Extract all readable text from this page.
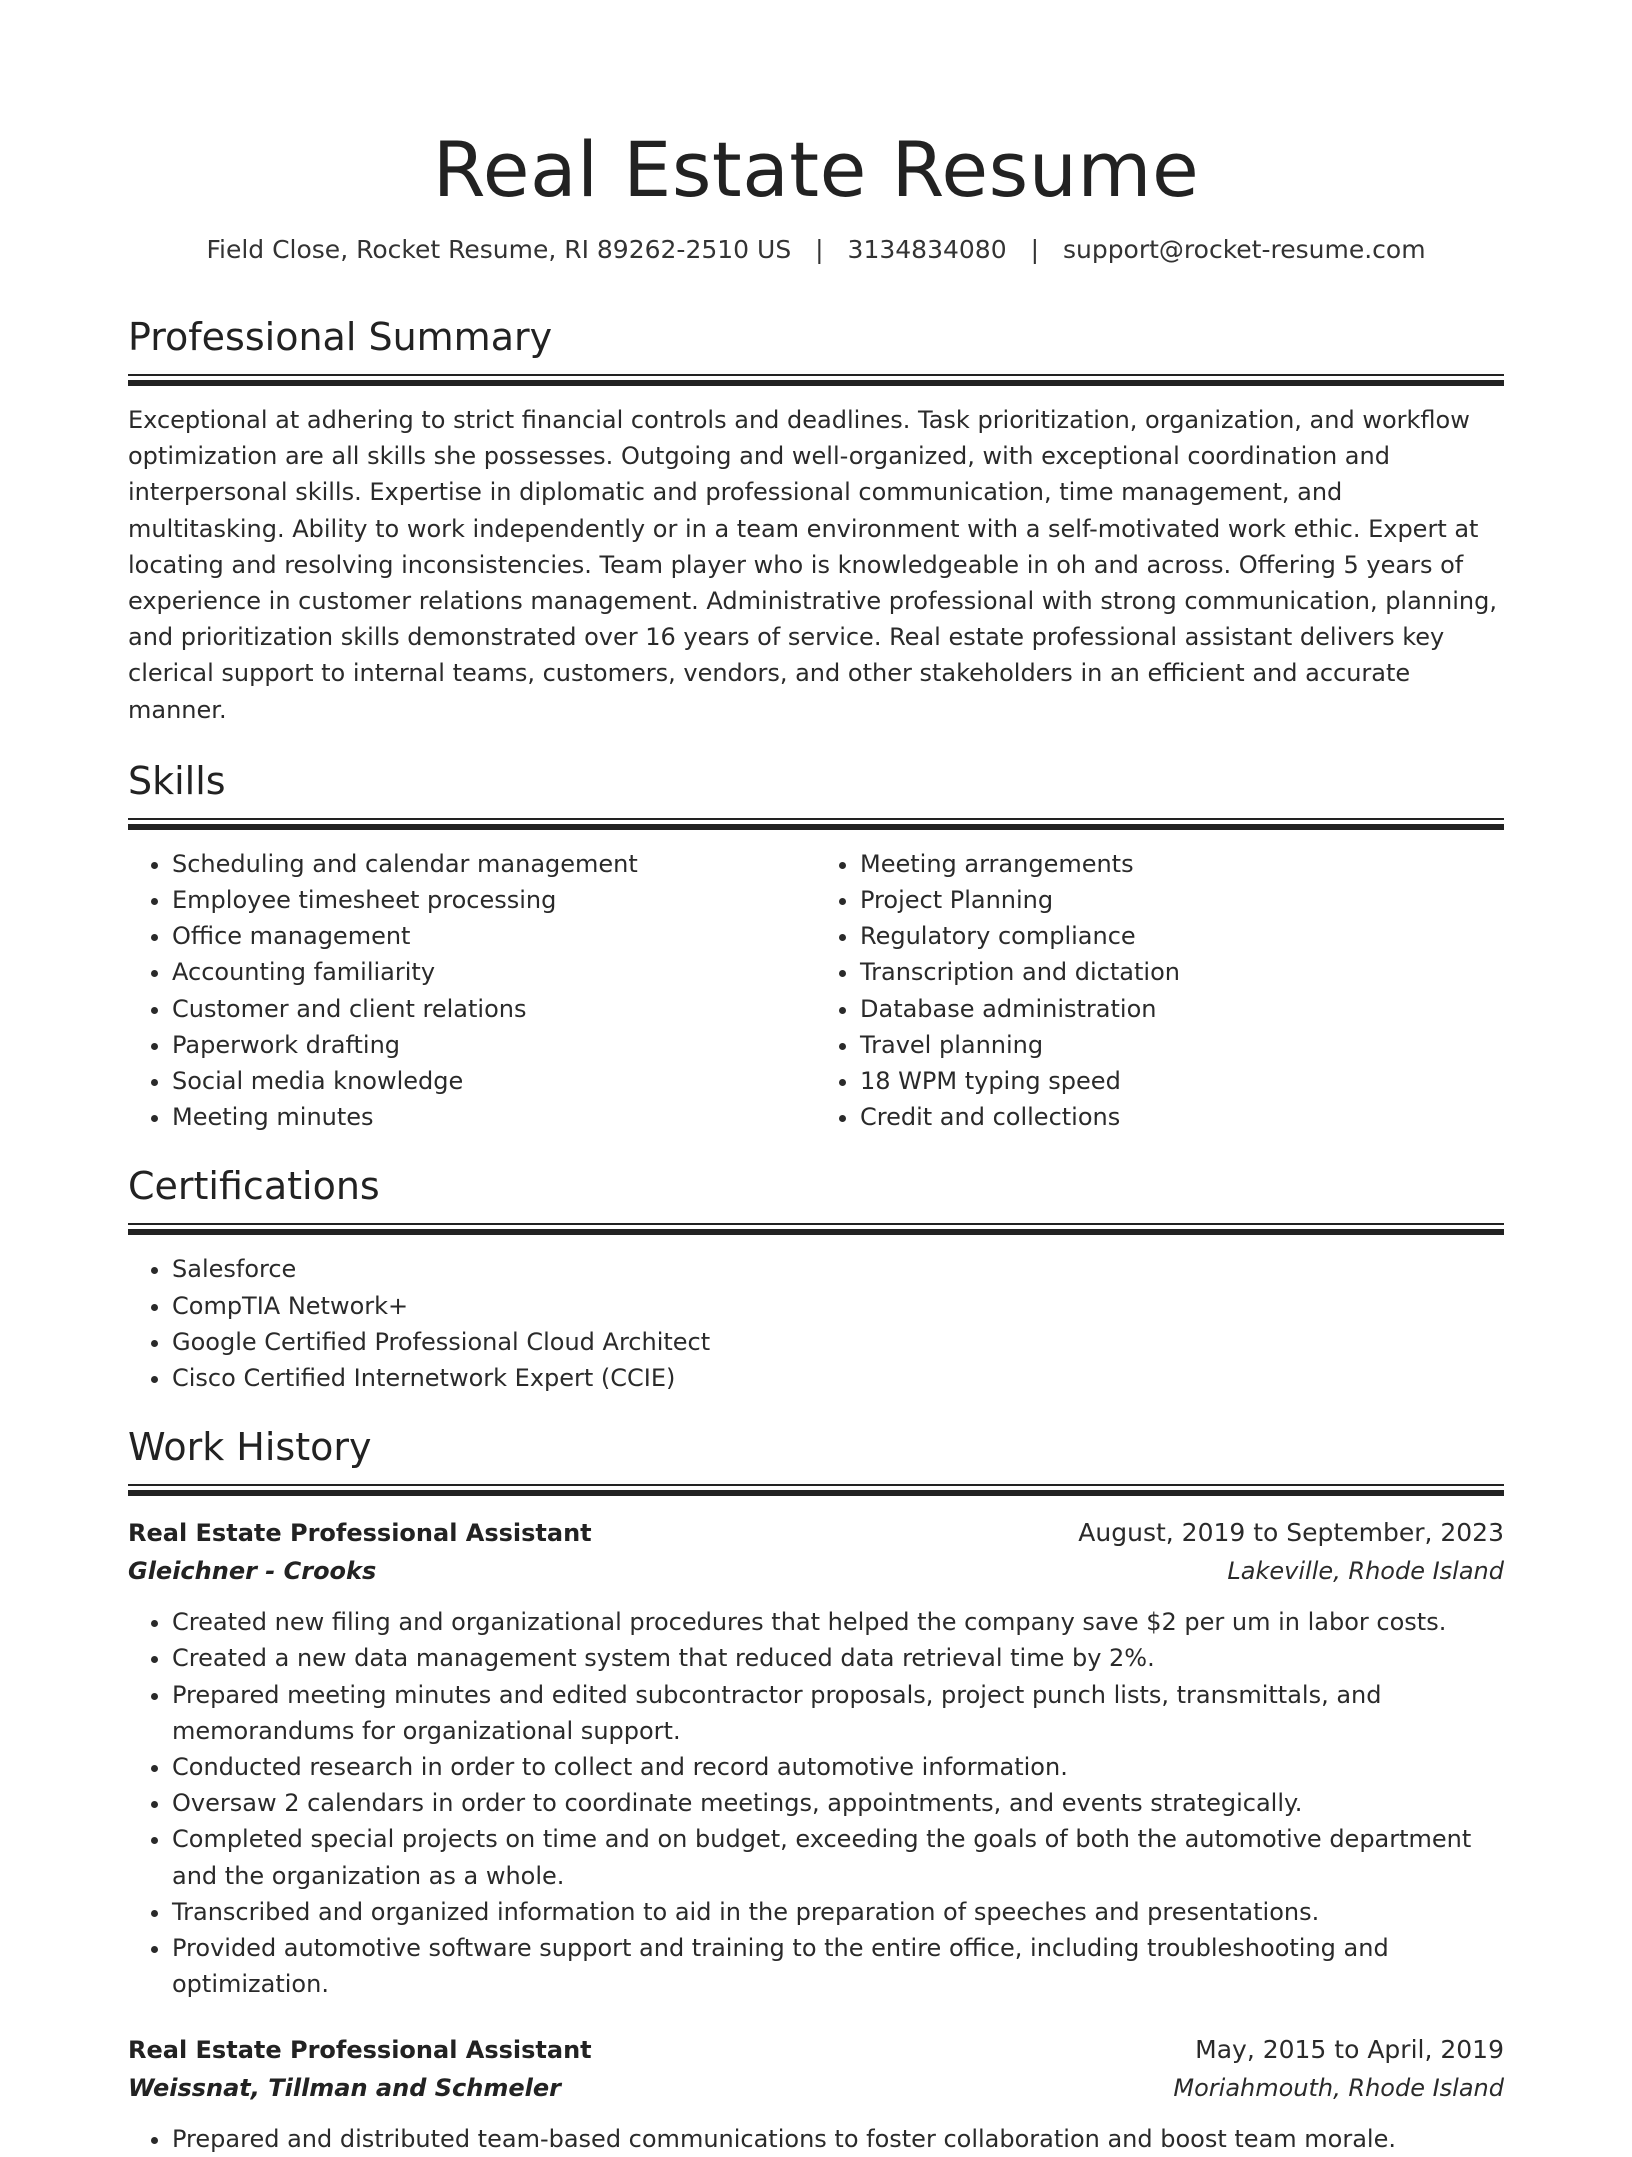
Real Estate Resume
Field Close, Rocket Resume, RI 89262-2510 US | 3134834080 | support@rocket-resume.com
Professional Summary

Exceptional at adhering to strict financial controls and deadlines. Task prioritization, organization, and workflow optimization are all skills she possesses. Outgoing and well-organized, with exceptional coordination and interpersonal skills. Expertise in diplomatic and professional communication, time management, and multitasking. Ability to work independently or in a team environment with a self-motivated work ethic. Expert at locating and resolving inconsistencies. Team player who is knowledgeable in oh and across. Offering 5 years of experience in customer relations management. Administrative professional with strong communication, planning, and prioritization skills demonstrated over 16 years of service. Real estate professional assistant delivers key clerical support to internal teams, customers, vendors, and other stakeholders in an efficient and accurate manner.

Skills
• Scheduling and calendar management
• Employee timesheet processing
• Office management
• Accounting familiarity
• Customer and client relations
• Paperwork drafting
• Social media knowledge
• Meeting minutes
• Meeting arrangements
• Project Planning
• Regulatory compliance
• Transcription and dictation
• Database administration
• Travel planning
• 18 WPM typing speed
• Credit and collections
Certifications
• Salesforce
• CompTIA Network+
• Google Certified Professional Cloud Architect
• Cisco Certified Internetwork Expert (CCIE)
Work History
Real Estate Professional Assistant	August, 2019 to September, 2023
Gleichner - Crooks	Lakeville, Rhode Island
• Created new filing and organizational procedures that helped the company save $2 per um in labor costs.
• Created a new data management system that reduced data retrieval time by 2%.
• Prepared meeting minutes and edited subcontractor proposals, project punch lists, transmittals, and memorandums for organizational support.
• Conducted research in order to collect and record automotive information.
• Oversaw 2 calendars in order to coordinate meetings, appointments, and events strategically.
• Completed special projects on time and on budget, exceeding the goals of both the automotive department and the organization as a whole.
• Transcribed and organized information to aid in the preparation of speeches and presentations.
• Provided automotive software support and training to the entire office, including troubleshooting and optimization.
Real Estate Professional Assistant	May, 2015 to April, 2019
Weissnat, Tillman and Schmeler	Moriahmouth, Rhode Island
• Prepared and distributed team-based communications to foster collaboration and boost team morale.
